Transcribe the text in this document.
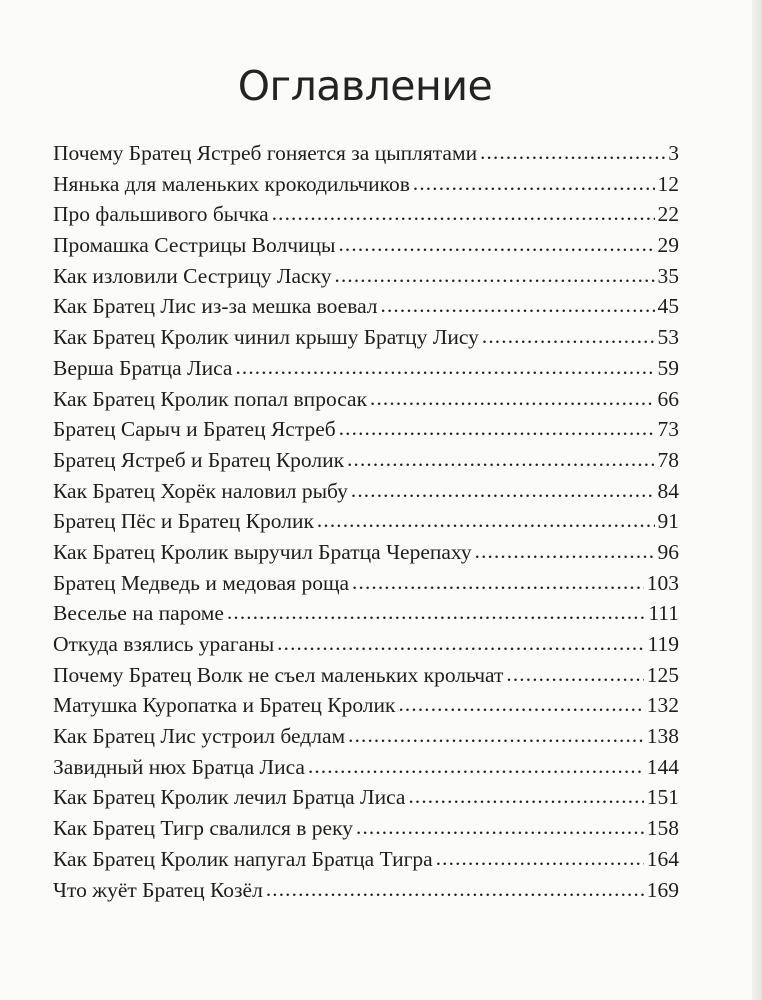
Оглавление
Почему Братец Ястреб гоняется за цыплятами .....	3
Нянька для маленьких крокодильчиков .....	12
Про фальшивого бычка .....	22
Промашка Сестрицы Волчицы .....	29
Как изловили Сестрицу Ласку .....	35
Как Братец Лис из-за мешка воевал .....	45
Как Братец Кролик чинил крышу Братцу Лису .....	53
Верша Братца Лиса .....	59
Как Братец Кролик попал впросак .....	66
Братец Сарыч и Братец Ястреб .....	73
Братец Ястреб и Братец Кролик .....	78
Как Братец Хорёк наловил рыбу .....	84
Братец Пёс и Братец Кролик .....	91
Как Братец Кролик выручил Братца Черепаху .....	96
Братец Медведь и медовая роща .....	103
Веселье на пароме .....	111
Откуда взялись ураганы .....	119
Почему Братец Волк не съел маленьких крольчат .....	125
Матушка Куропатка и Братец Кролик .....	132
Как Братец Лис устроил бедлам .....	138
Завидный нюх Братца Лиса .....	144
Как Братец Кролик лечил Братца Лиса .....	151
Как Братец Тигр свалился в реку .....	158
Как Братец Кролик напугал Братца Тигра .....	164
Что жуёт Братец Козёл .....	169
